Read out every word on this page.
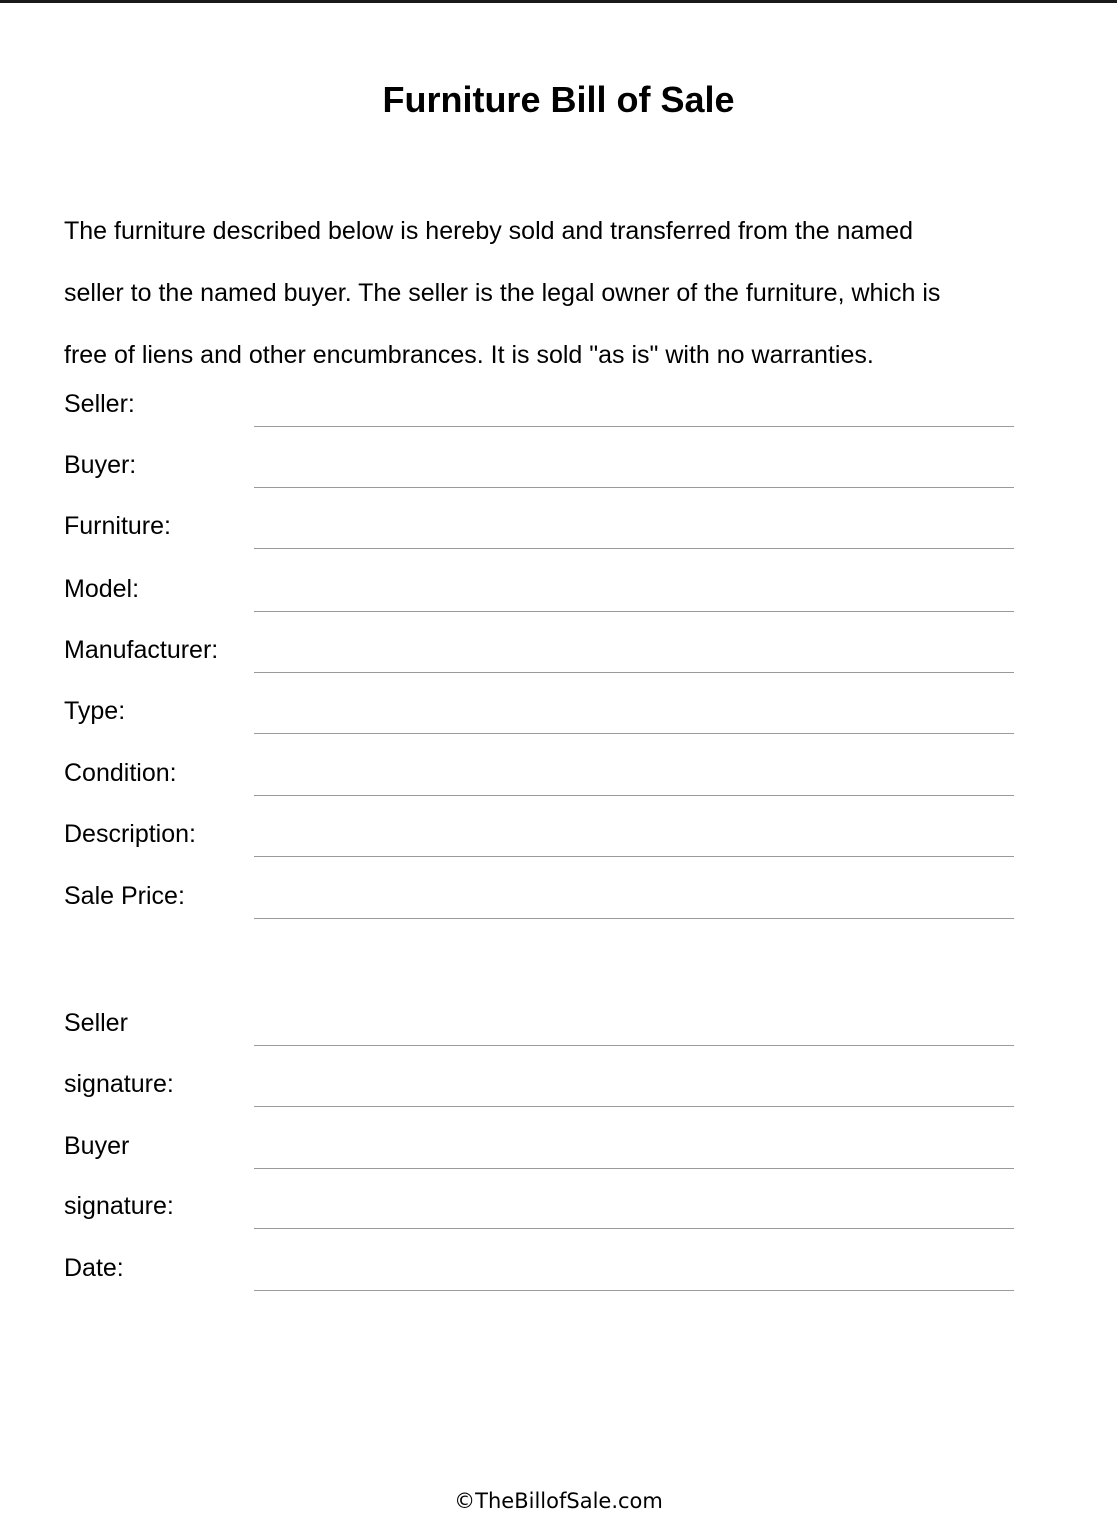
Furniture Bill of Sale
The furniture described below is hereby sold and transferred from the named
seller to the named buyer. The seller is the legal owner of the furniture, which is
free of liens and other encumbrances. It is sold "as is" with no warranties.
Seller:
Buyer:
Furniture:
Model:
Manufacturer:
Type:
Condition:
Description:
Sale Price:
Seller
signature:
Buyer
signature:
Date:
©TheBillofSale.com
